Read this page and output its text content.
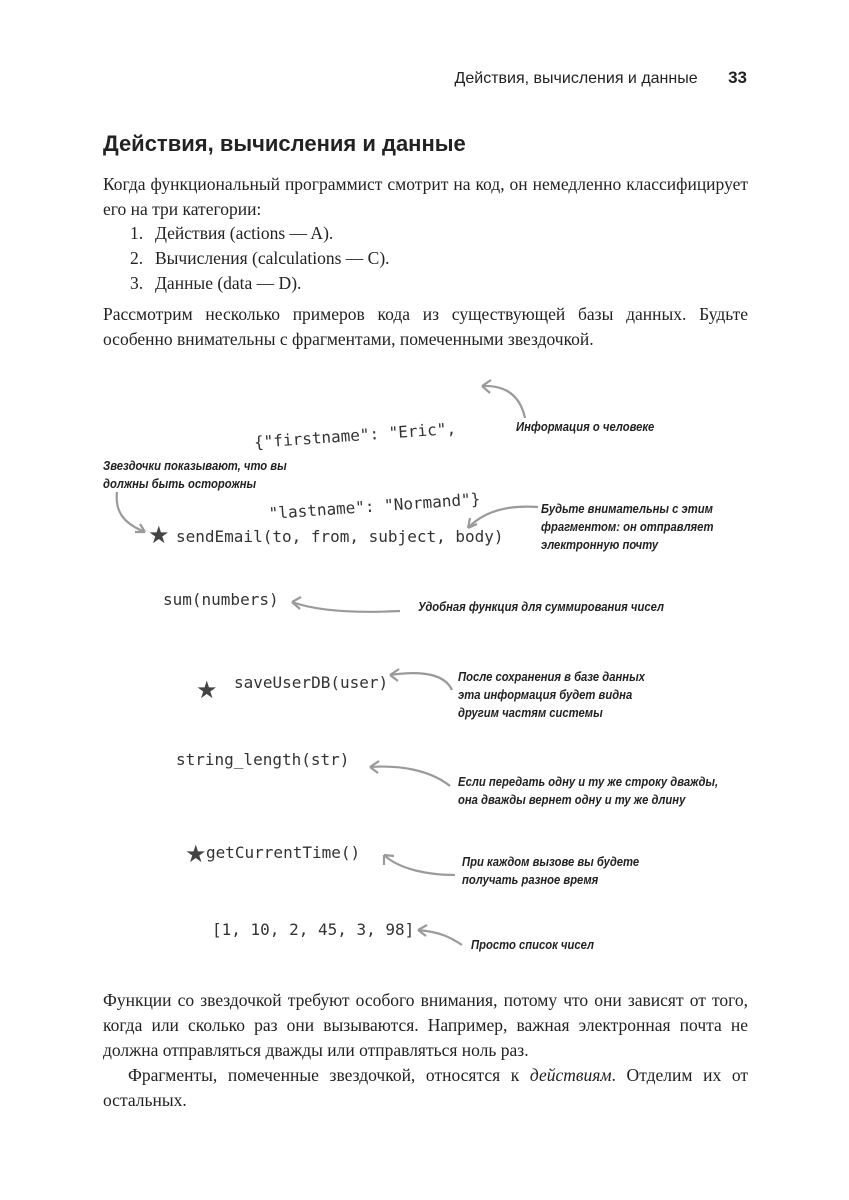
Действия, вычисления и данные 33
Действия, вычисления и данные
Когда функциональный программист смотрит на код, он немедленно классифицирует его на три категории:
1. Действия (actions — A).
2. Вычисления (calculations — C).
3. Данные (data — D).
Рассмотрим несколько примеров кода из существующей базы данных. Будьте особенно внимательны с фрагментами, помеченными звездочкой.

{"firstname": "Eric",

"lastname": "Normand"}

Информация о человеке
Звездочки показывают, что вы
должны быть осторожны
★ sendEmail(to, from, subject, body)
Будьте внимательны с этим
фрагментом: он отправляет
электронную почту
sum(numbers)	Удобная функция для суммирования чисел
★ saveUserDB(user)	После сохранения в базе данных
эта информация будет видна
другим частям системы
string_length(str)
Если передать одну и ту же строку дважды,
она дважды вернет одну и ту же длину
★ getCurrentTime()	При каждом вызове вы будете
получать разное время
[1, 10, 2, 45, 3, 98]
Просто список чисел
Функции со звездочкой требуют особого внимания, потому что они зависят от того, когда или сколько раз они вызываются. Например, важная электронная почта не должна отправляться дважды или отправляться ноль раз.
Фрагменты, помеченные звездочкой, относятся к действиям. Отделим их от остальных.
